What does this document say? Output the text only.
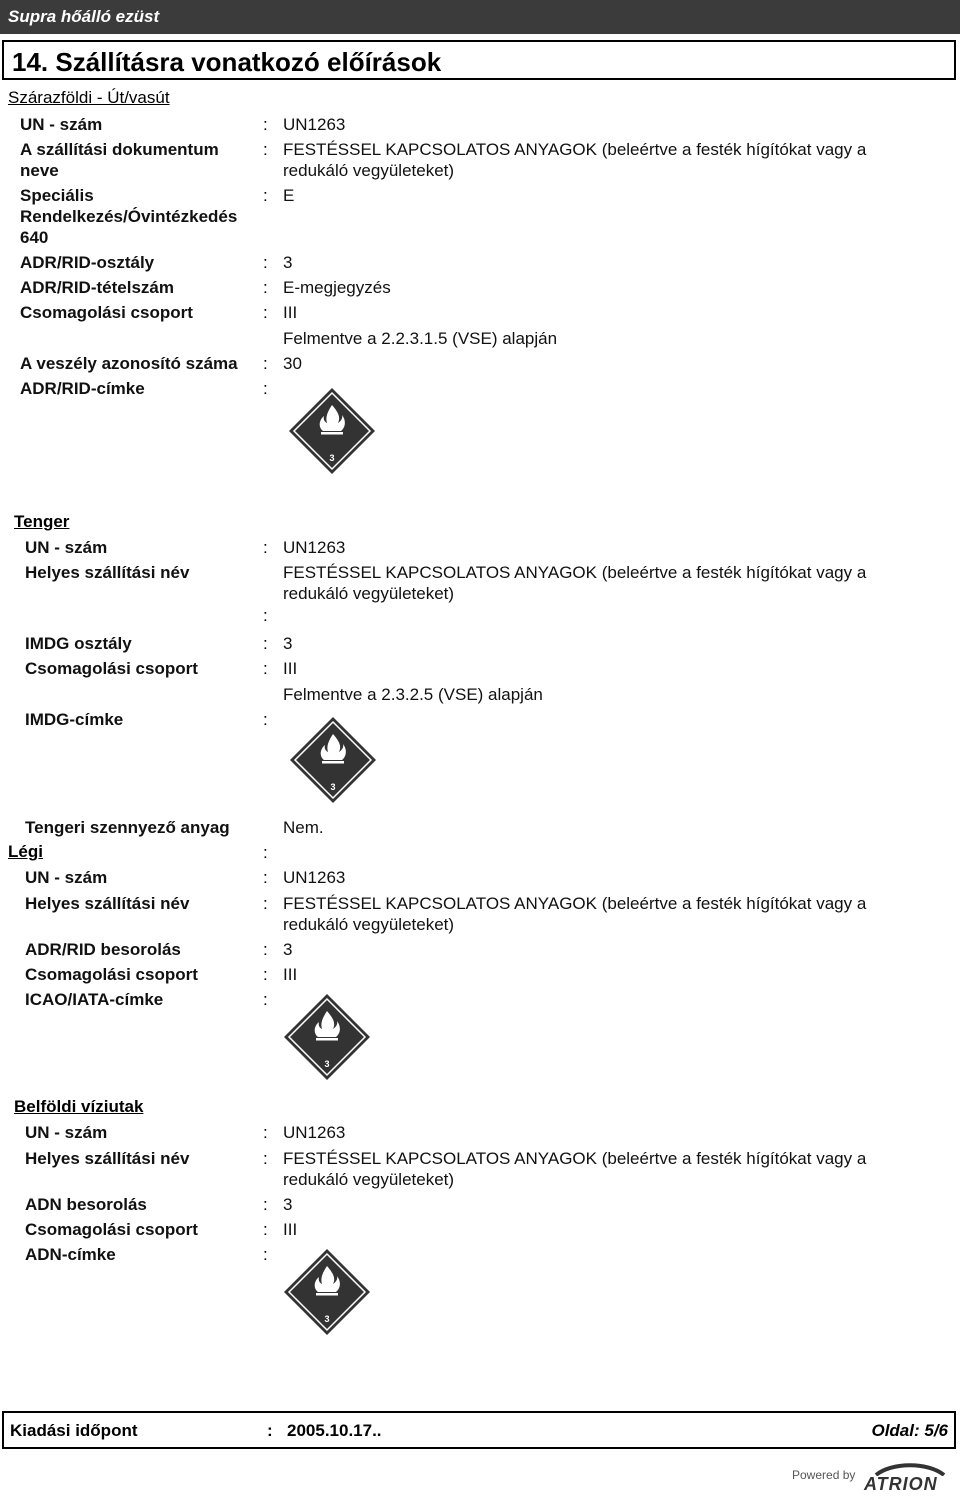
Supra hőálló ezüst
14. Szállításra vonatkozó előírások
Szárazföldi - Út/vasút
UN - szám	: UN1263
A szállítási dokumentum
neve
: FESTÉSSEL KAPCSOLATOS ANYAGOK (beleértve a festék hígítókat vagy a
redukáló vegyületeket)
Speciális
Rendelkezés/Óvintézkedés
640
: E
ADR/RID-osztály	: 3
ADR/RID-tételszám	: E-megjegyzés
Csomagolási csoport	: III
Felmentve a 2.2.3.1.5 (VSE) alapján
A veszély azonosító száma : 30
ADR/RID-címke	:
3
Tenger
UN - szám	: UN1263
Helyes szállítási név	FESTÉSSEL KAPCSOLATOS ANYAGOK (beleértve a festék hígítókat vagy a
redukáló vegyületeket)
:
IMDG osztály	: 3
Csomagolási csoport	: III
Felmentve a 2.3.2.5 (VSE) alapján
IMDG-címke	:
3
Tengeri szennyező anyag	Nem.
Légi	:
UN - szám	: UN1263
Helyes szállítási név	: FESTÉSSEL KAPCSOLATOS ANYAGOK (beleértve a festék hígítókat vagy a
redukáló vegyületeket)
ADR/RID besorolás	: 3
Csomagolási csoport	: III
ICAO/IATA-címke	:
3
Belföldi víziutak
UN - szám	: UN1263
Helyes szállítási név	: FESTÉSSEL KAPCSOLATOS ANYAGOK (beleértve a festék hígítókat vagy a
redukáló vegyületeket)
ADN besorolás	: 3
Csomagolási csoport	: III
ADN-címke	:
3
Kiadási időpont	: 2005.10.17..	Oldal: 5/6
Powered by ATRION
